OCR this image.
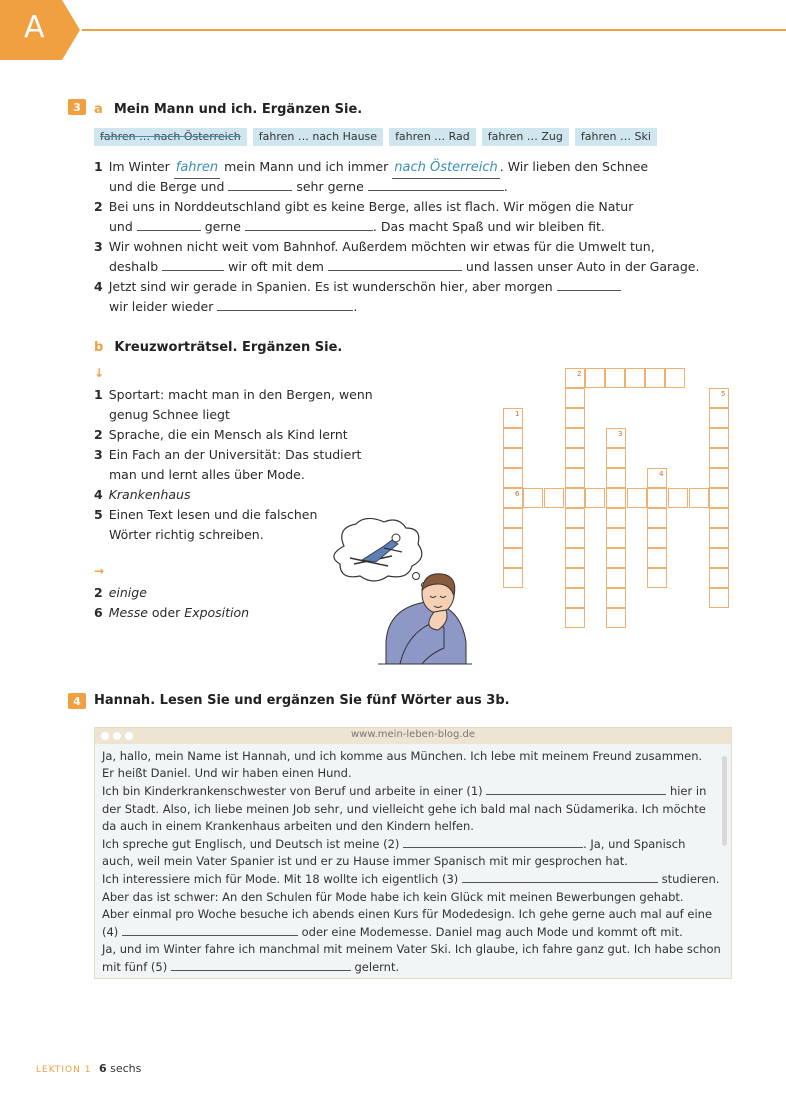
A
3	a Mein Mann und ich. Ergänzen Sie.
fahren … nach Österreich	fahren … nach Hause	fahren … Rad	fahren … Zug	fahren … Ski
1 Im Winter fahren mein Mann und ich immer nach Österreich . Wir lieben den Schnee
und die Berge und	sehr gerne	.
2 Bei uns in Norddeutschland gibt es keine Berge, alles ist flach. Wir mögen die Natur
und	gerne	. Das macht Spaß und wir bleiben fit.
3 Wir wohnen nicht weit vom Bahnhof. Außerdem möchten wir etwas für die Umwelt tun,
deshalb	wir oft mit dem	und lassen unser Auto in der Garage.
4 Jetzt sind wir gerade in Spanien. Es ist wunderschön hier, aber morgen
wir leider wieder	.
b Kreuzworträtsel. Ergänzen Sie.
↓
1 Sportart: macht man in den Bergen, wenn
genug Schnee liegt
2 Sprache, die ein Mensch als Kind lernt
3 Ein Fach an der Universität: Das studiert
man und lernt alles über Mode.
4 Krankenhaus
5 Einen Text lesen und die falschen
Wörter richtig schreiben.
→
2 einige
6 Messe oder Exposition
2
1
3
4
5
6
4	Hannah. Lesen Sie und ergänzen Sie fünf Wörter aus 3b.
www.mein-leben-blog.de

Ja, hallo, mein Name ist Hannah, und ich komme aus München. Ich lebe mit meinem Freund zusammen.

Er heißt Daniel. Und wir haben einen Hund.

Ich bin Kinderkrankenschwester von Beruf und arbeite in einer (1)	hier in

der Stadt. Also, ich liebe meinen Job sehr, und vielleicht gehe ich bald mal nach Südamerika. Ich möchte

da auch in einem Krankenhaus arbeiten und den Kindern helfen.

Ich spreche gut Englisch, und Deutsch ist meine (2)	. Ja, und Spanisch

auch, weil mein Vater Spanier ist und er zu Hause immer Spanisch mit mir gesprochen hat.

Ich interessiere mich für Mode. Mit 18 wollte ich eigentlich (3)	studieren.

Aber das ist schwer: An den Schulen für Mode habe ich kein Glück mit meinen Bewerbungen gehabt.

Aber einmal pro Woche besuche ich abends einen Kurs für Modedesign. Ich gehe gerne auch mal auf eine

(4)	oder eine Modemesse. Daniel mag auch Mode und kommt oft mit.

Ja, und im Winter fahre ich manchmal mit meinem Vater Ski. Ich glaube, ich fahre ganz gut. Ich habe schon

mit fünf (5)	gelernt.

LEKTION 1 6 sechs
